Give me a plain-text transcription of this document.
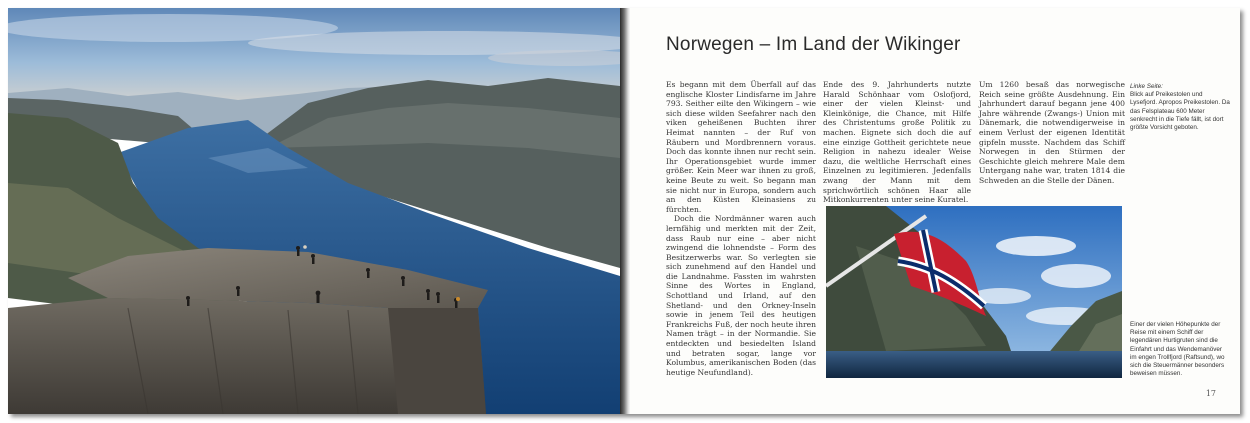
Norwegen – Im Land der Wikinger

Es begann mit dem Überfall auf das englische Kloster Lindisfarne im Jahre 793. Seither eilte den Wikingern – wie sich diese wilden Seefahrer nach den viken geheißenen Buchten ihrer Heimat nannten – der Ruf von Räubern und Mordbrennern voraus. Doch das konnte ihnen nur recht sein. Ihr Operationsgebiet wurde immer größer. Kein Meer war ihnen zu groß, keine Beute zu weit. So begann man sie nicht nur in Europa, sondern auch an den Küsten Kleinasiens zu fürchten.

Doch die Nordmänner waren auch lernfähig und merkten mit der Zeit, dass Raub nur eine – aber nicht zwingend die lohnendste – Form des Besitzerwerbs war. So verlegten sie sich zunehmend auf den Handel und die Landnahme. Fassten im wahrsten Sinne des Wortes in England, Schottland und Irland, auf den Shetland- und den Orkney-Inseln sowie in jenem Teil des heutigen Frankreichs Fuß, der noch heute ihren Namen trägt – in der Normandie. Sie entdeckten und besiedelten Island und betraten sogar, lange vor Kolumbus, amerikanischen Boden (das heutige Neufundland).

Ende des 9. Jahrhunderts nutzte Harald Schönhaar vom Oslofjord, einer der vielen Kleinst- und Kleinkönige, die Chance, mit Hilfe des Christentums große Politik zu machen. Eignete sich doch die auf eine einzige Gottheit gerichtete neue Religion in nahezu idealer Weise dazu, die weltliche Herrschaft eines Einzelnen zu legitimieren. Jedenfalls zwang der Mann mit dem sprichwörtlich schönen Haar alle Mitkonkurrenten unter seine Kuratel.

Um 1260 besaß das norwegische Reich seine größte Ausdehnung. Ein Jahrhundert darauf begann jene 400 Jahre währende (Zwangs-) Union mit Dänemark, die notwendigerweise in einem Verlust der eigenen Identität gipfeln musste. Nachdem das Schiff Norwegen in den Stürmen der Geschichte gleich mehrere Male dem Untergang nahe war, traten 1814 die Schweden an die Stelle der Dänen.

Linke Seite:
Blick auf Preikestolen und Lysefjord. Apropos Preikestolen. Da das Felsplateau 600 Meter senkrecht in die Tiefe fällt, ist dort größte Vorsicht geboten.
Einer der vielen Höhepunkte der Reise mit einem Schiff der legendären Hurtigruten sind die Einfahrt und das Wendemanöver im engen Trollfjord (Raftsund), wo sich die Steuermänner besonders beweisen müssen.
17
